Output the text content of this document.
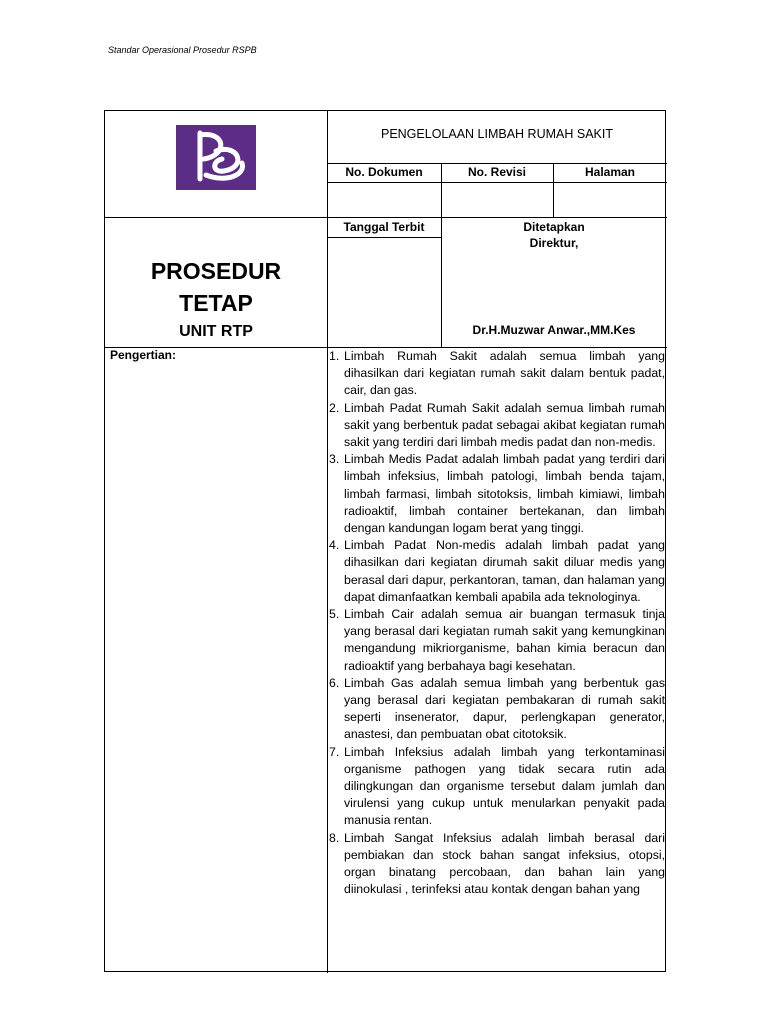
Standar Operasional Prosedur RSPB
PENGELOLAAN LIMBAH RUMAH SAKIT
No. Dokumen	No. Revisi	Halaman
Tanggal Terbit	Ditetapkan
Direktur,
Dr.H.Muzwar Anwar.,MM.Kes
PROSEDUR
TETAP
UNIT RTP
Pengertian:	1. Limbah Rumah Sakit adalah semua limbah yang dihasilkan dari kegiatan rumah sakit dalam bentuk padat, cair, dan gas.
2. Limbah Padat Rumah Sakit adalah semua limbah rumah sakit yang berbentuk padat sebagai akibat kegiatan rumah sakit yang terdiri dari limbah medis padat dan non-medis.
3. Limbah Medis Padat adalah limbah padat yang terdiri dari limbah infeksius, limbah patologi, limbah benda tajam, limbah farmasi, limbah sitotoksis, limbah kimiawi, limbah radioaktif, limbah container bertekanan, dan limbah dengan kandungan logam berat yang tinggi.
4. Limbah Padat Non-medis adalah limbah padat yang dihasilkan dari kegiatan dirumah sakit diluar medis yang berasal dari dapur, perkantoran, taman, dan halaman yang dapat dimanfaatkan kembali apabila ada teknologinya.
5. Limbah Cair adalah semua air buangan termasuk tinja yang berasal dari kegiatan rumah sakit yang kemungkinan mengandung mikriorganisme, bahan kimia beracun dan radioaktif yang berbahaya bagi kesehatan.
6. Limbah Gas adalah semua limbah yang berbentuk gas yang berasal dari kegiatan pembakaran di rumah sakit seperti insenerator, dapur, perlengkapan generator, anastesi, dan pembuatan obat citotoksik.
7. Limbah Infeksius adalah limbah yang terkontaminasi organisme pathogen yang tidak secara rutin ada dilingkungan dan organisme tersebut dalam jumlah dan virulensi yang cukup untuk menularkan penyakit pada manusia rentan.
8. Limbah Sangat Infeksius adalah limbah berasal dari pembiakan dan stock bahan sangat infeksius, otopsi, organ binatang percobaan, dan bahan lain yang diinokulasi , terinfeksi atau kontak dengan bahan yang
